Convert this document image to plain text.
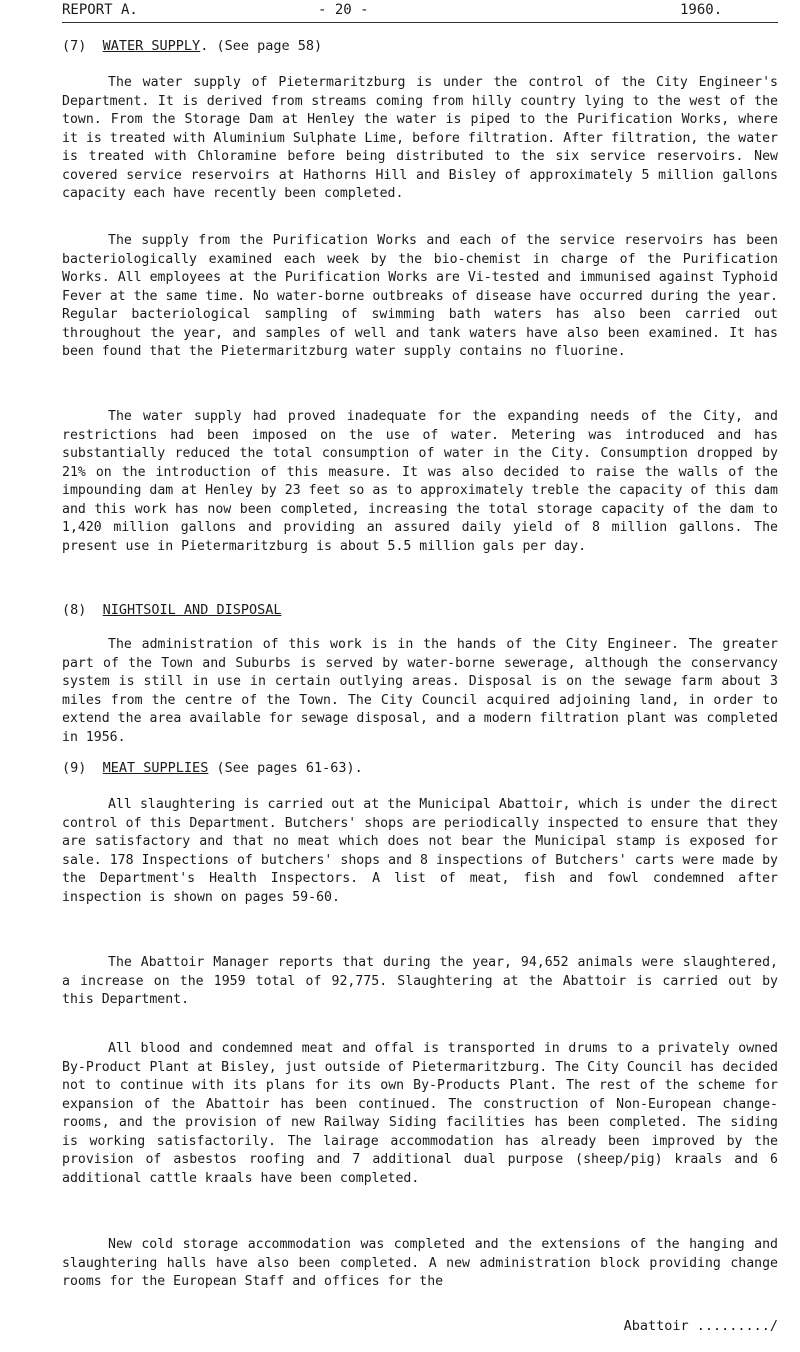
REPORT A.	- 20 -	1960.
(7) WATER SUPPLY. (See page 58)

The water supply of Pietermaritzburg is under the control of the City Engineer's Department. It is derived from streams coming from hilly country lying to the west of the town. From the Storage Dam at Henley the water is piped to the Purification Works, where it is treated with Aluminium Sulphate Lime, before filtration. After filtration, the water is treated with Chloramine before being distributed to the six service reservoirs. New covered service reservoirs at Hathorns Hill and Bisley of approximately 5 million gallons capacity each have recently been completed.

The supply from the Purification Works and each of the service reservoirs has been bacteriologically examined each week by the bio-chemist in charge of the Purification Works. All employees at the Purification Works are Vi-tested and immunised against Typhoid Fever at the same time. No water-borne outbreaks of disease have occurred during the year. Regular bacteriological sampling of swimming bath waters has also been carried out throughout the year, and samples of well and tank waters have also been examined. It has been found that the Pietermaritzburg water supply contains no fluorine.

The water supply had proved inadequate for the expanding needs of the City, and restrictions had been imposed on the use of water. Metering was introduced and has substantially reduced the total consumption of water in the City. Consumption dropped by 21% on the introduction of this measure. It was also decided to raise the walls of the impounding dam at Henley by 23 feet so as to approximately treble the capacity of this dam and this work has now been completed, increasing the total storage capacity of the dam to 1,420 million gallons and providing an assured daily yield of 8 million gallons. The present use in Pietermaritzburg is about 5.5 million gals per day.

(8) NIGHTSOIL AND DISPOSAL

The administration of this work is in the hands of the City Engineer. The greater part of the Town and Suburbs is served by water-borne sewerage, although the conservancy system is still in use in certain outlying areas. Disposal is on the sewage farm about 3 miles from the centre of the Town. The City Council acquired adjoining land, in order to extend the area available for sewage disposal, and a modern filtration plant was completed in 1956.

(9) MEAT SUPPLIES (See pages 61-63).

All slaughtering is carried out at the Municipal Abattoir, which is under the direct control of this Department. Butchers' shops are periodically inspected to ensure that they are satisfactory and that no meat which does not bear the Municipal stamp is exposed for sale. 178 Inspections of butchers' shops and 8 inspections of Butchers' carts were made by the Department's Health Inspectors. A list of meat, fish and fowl condemned after inspection is shown on pages 59-60.

The Abattoir Manager reports that during the year, 94,652 animals were slaughtered, a increase on the 1959 total of 92,775. Slaughtering at the Abattoir is carried out by this Department.

All blood and condemned meat and offal is transported in drums to a privately owned By-Product Plant at Bisley, just outside of Pietermaritzburg. The City Council has decided not to continue with its plans for its own By-Products Plant. The rest of the scheme for expansion of the Abattoir has been continued. The construction of Non-European change-rooms, and the provision of new Railway Siding facilities has been completed. The siding is working satisfactorily. The lairage accommodation has already been improved by the provision of asbestos roofing and 7 additional dual purpose (sheep/pig) kraals and 6 additional cattle kraals have been completed.

New cold storage accommodation was completed and the extensions of the hanging and slaughtering halls have also been completed. A new administration block providing change rooms for the European Staff and offices for the

Abattoir ........./
